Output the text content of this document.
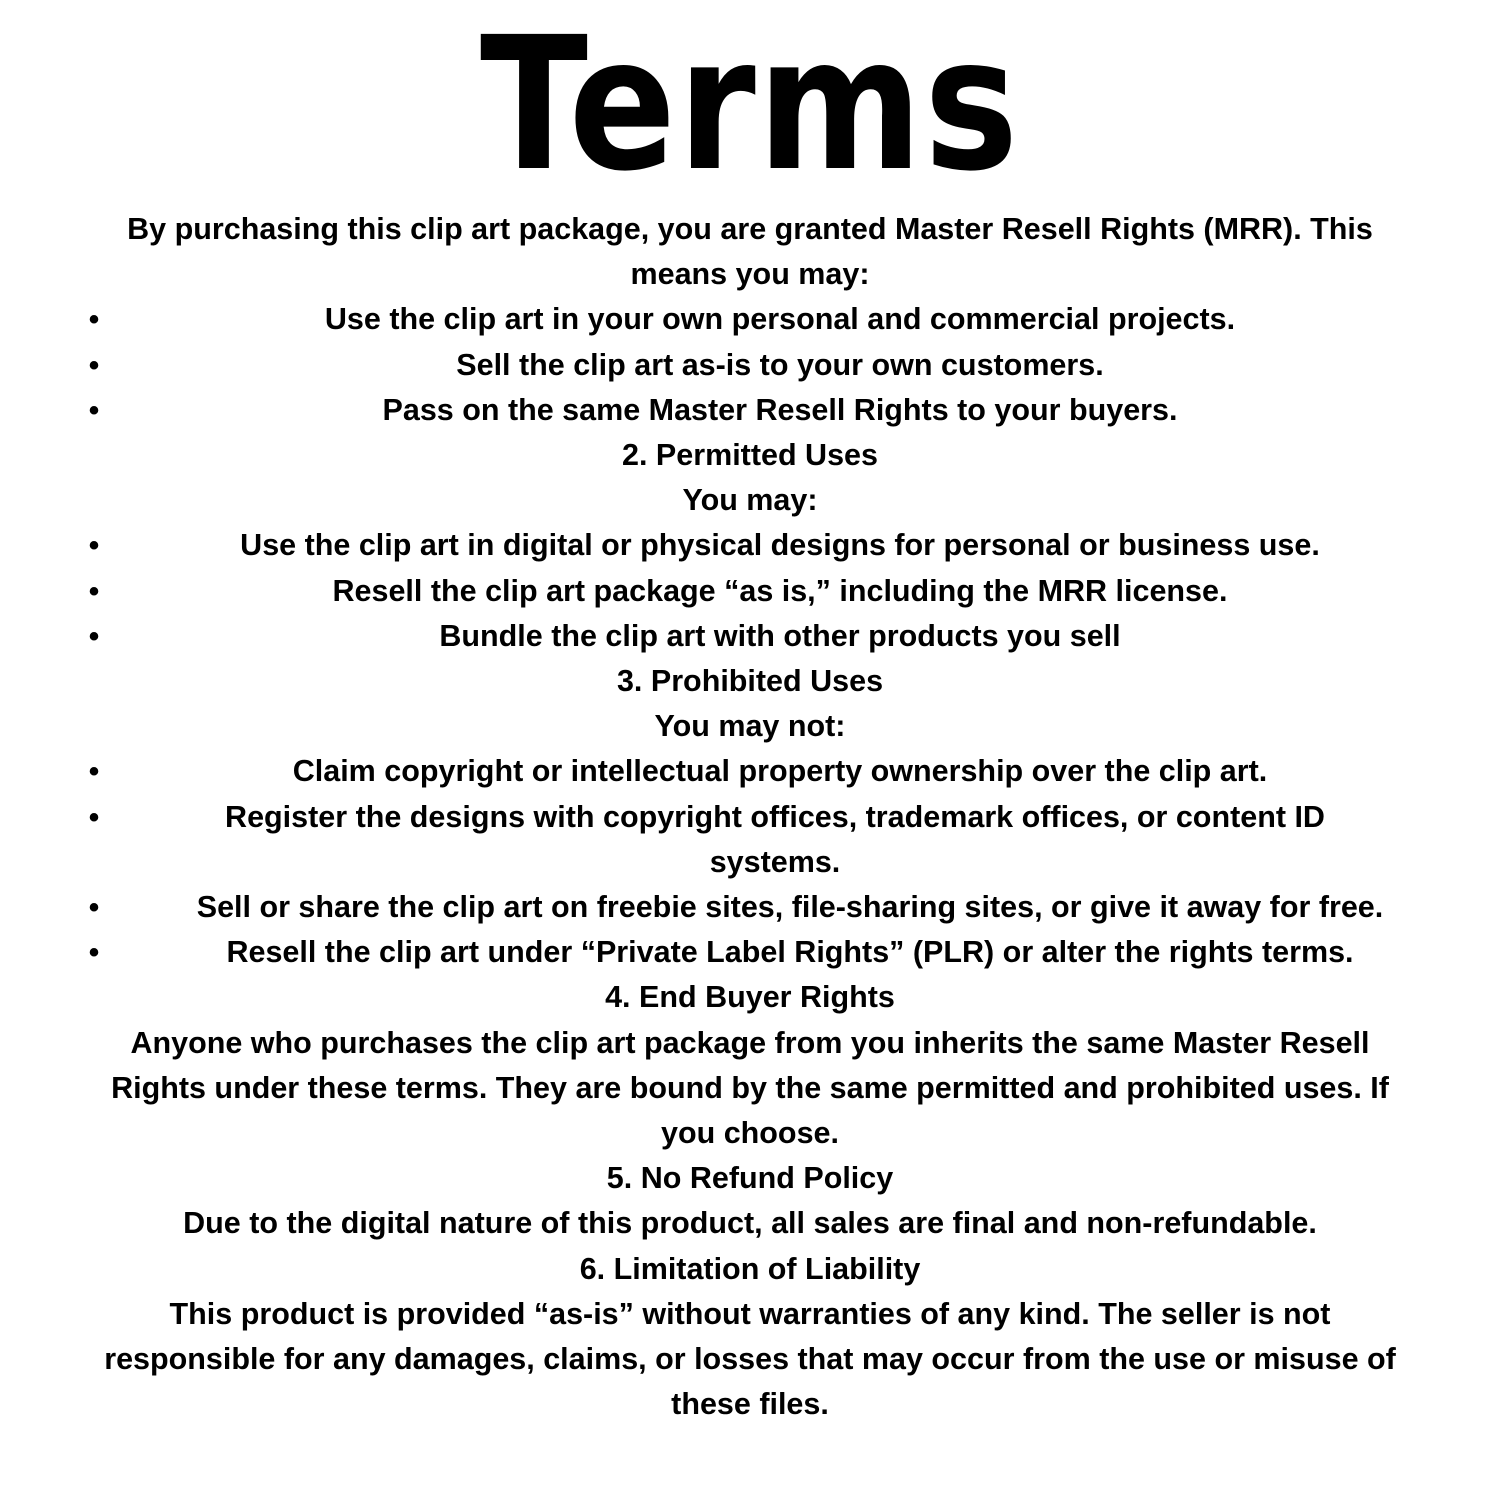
Terms
By purchasing this clip art package, you are granted Master Resell Rights (MRR). This
means you may:
•	Use the clip art in your own personal and commercial projects.
•	Sell the clip art as-is to your own customers.
•	Pass on the same Master Resell Rights to your buyers.
2. Permitted Uses
You may:
•	Use the clip art in digital or physical designs for personal or business use.
•	Resell the clip art package “as is,” including the MRR license.
•	Bundle the clip art with other products you sell
3. Prohibited Uses
You may not:
•	Claim copyright or intellectual property ownership over the clip art.
•	Register the designs with copyright offices, trademark offices, or content ID systems.
•	Sell or share the clip art on freebie sites, file-sharing sites, or give it away for free.
•	Resell the clip art under “Private Label Rights” (PLR) or alter the rights terms.
4. End Buyer Rights
Anyone who purchases the clip art package from you inherits the same Master Resell
Rights under these terms. They are bound by the same permitted and prohibited uses. If
you choose.
5. No Refund Policy
Due to the digital nature of this product, all sales are final and non-refundable.
6. Limitation of Liability
This product is provided “as-is” without warranties of any kind. The seller is not
responsible for any damages, claims, or losses that may occur from the use or misuse of
these files.
